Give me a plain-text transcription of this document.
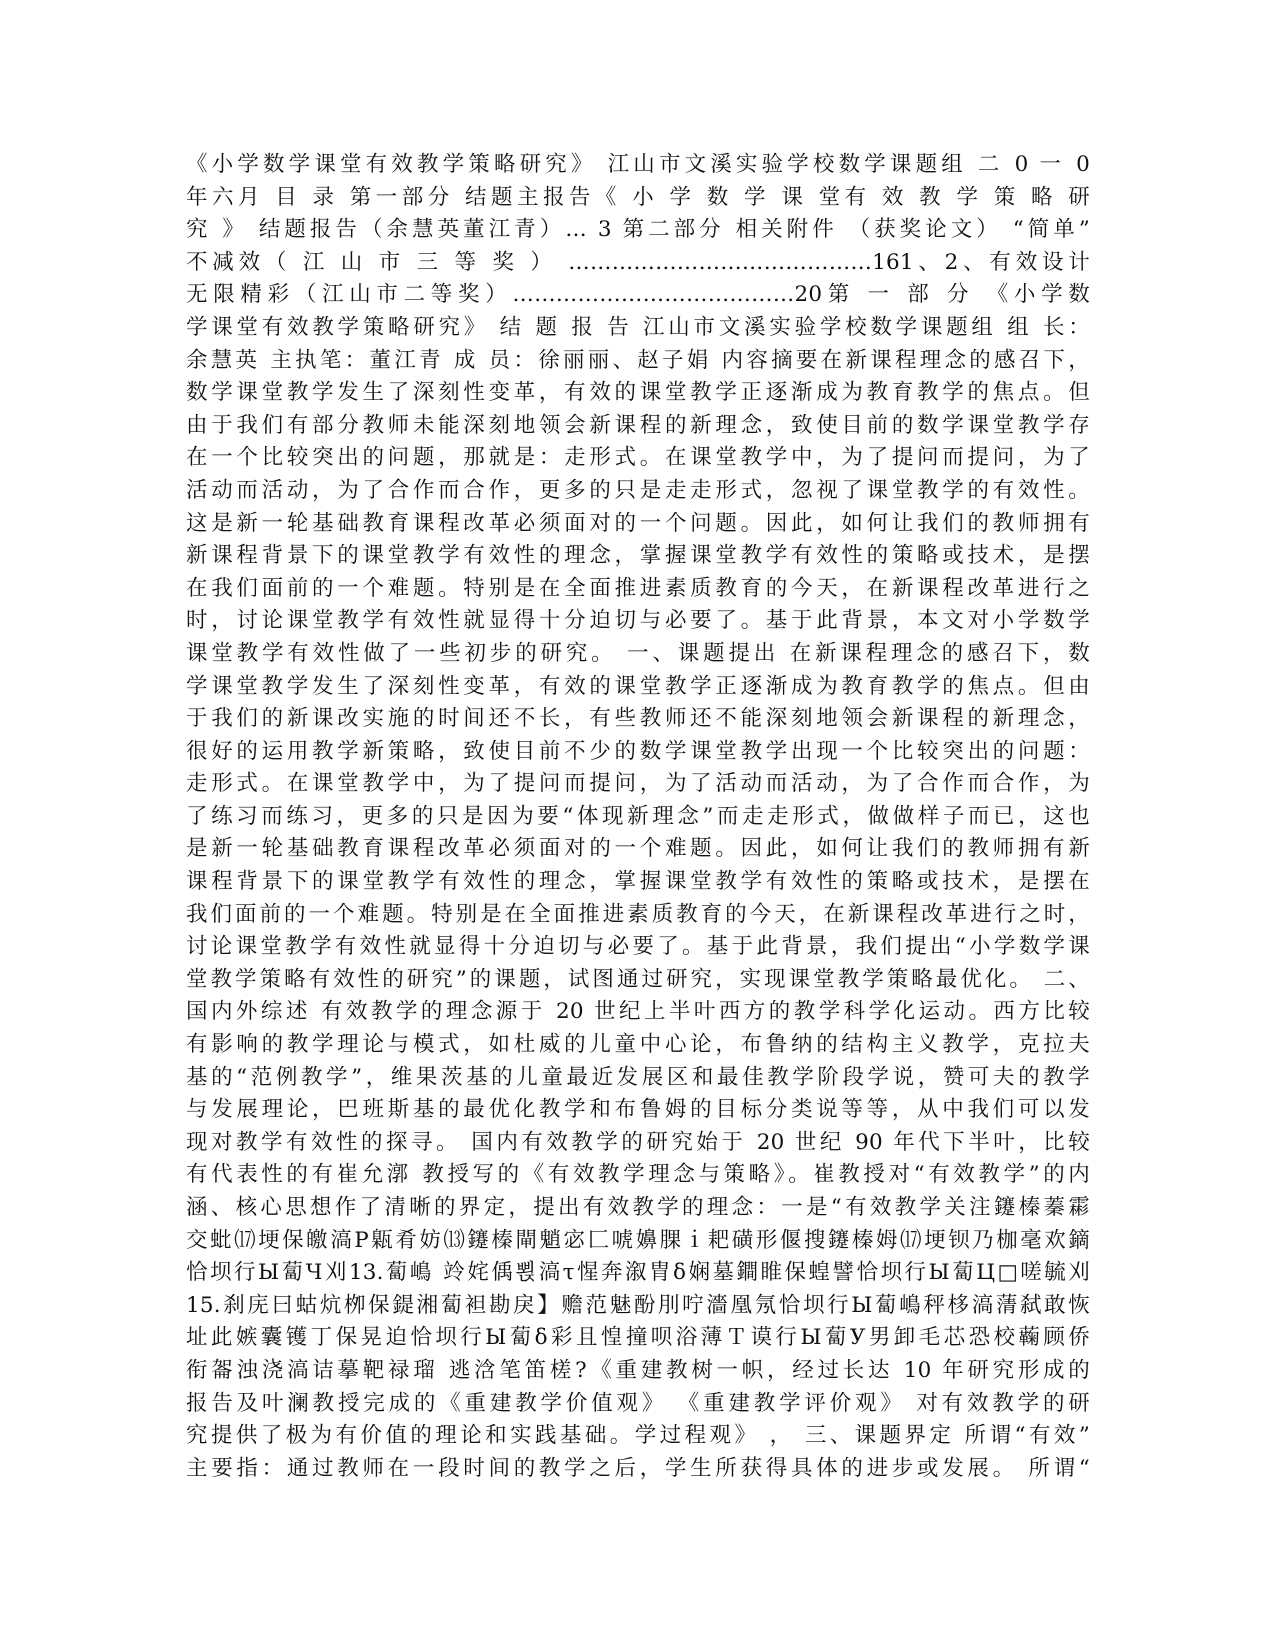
《小学数学课堂有效教学策略研究》 江山市文溪实验学校数学课题组 二 0 一 0
年六月 目 录 第一部分 结题主报告《 小 学 数 学 课 堂有 效 教 学 策 略 研
究 》 结题报告（余慧英董江青）… 3 第二部分 相关附件 （获奖论文） “简单”
不减效（ 江 山 市 三 等 奖 ） ……………………………………161、2、有效设计
无限精彩（江山市二等奖）…………………………………20第 一 部 分 《小学数
学课堂有效教学策略研究》 结 题 报 告 江山市文溪实验学校数学课题组 组 长：
余慧英 主执笔：董江青 成 员：徐丽丽、赵子娟 内容摘要在新课程理念的感召下，
数学课堂教学发生了深刻性变革，有效的课堂教学正逐渐成为教育教学的焦点。但
由于我们有部分教师未能深刻地领会新课程的新理念，致使目前的数学课堂教学存
在一个比较突出的问题，那就是：走形式。在课堂教学中，为了提问而提问，为了
活动而活动，为了合作而合作，更多的只是走走形式，忽视了课堂教学的有效性。
这是新一轮基础教育课程改革必须面对的一个问题。因此，如何让我们的教师拥有
新课程背景下的课堂教学有效性的理念，掌握课堂教学有效性的策略或技术，是摆
在我们面前的一个难题。特别是在全面推进素质教育的今天，在新课程改革进行之
时，讨论课堂教学有效性就显得十分迫切与必要了。基于此背景，本文对小学数学
课堂教学有效性做了一些初步的研究。 一、课题提出 在新课程理念的感召下，数
学课堂教学发生了深刻性变革，有效的课堂教学正逐渐成为教育教学的焦点。但由
于我们的新课改实施的时间还不长，有些教师还不能深刻地领会新课程的新理念，
很好的运用教学新策略，致使目前不少的数学课堂教学出现一个比较突出的问题：
走形式。在课堂教学中，为了提问而提问，为了活动而活动，为了合作而合作，为
了练习而练习，更多的只是因为要“体现新理念”而走走形式，做做样子而已，这也
是新一轮基础教育课程改革必须面对的一个难题。因此，如何让我们的教师拥有新
课程背景下的课堂教学有效性的理念，掌握课堂教学有效性的策略或技术，是摆在
我们面前的一个难题。特别是在全面推进素质教育的今天，在新课程改革进行之时，
讨论课堂教学有效性就显得十分迫切与必要了。基于此背景，我们提出“小学数学课
堂教学策略有效性的研究”的课题，试图通过研究，实现课堂教学策略最优化。 二、
国内外综述 有效教学的理念源于 20 世纪上半叶西方的教学科学化运动。西方比较
有影响的教学理论与模式，如杜威的儿童中心论，布鲁纳的结构主义教学，克拉夫
基的“范例教学”，维果茨基的儿童最近发展区和最佳教学阶段学说，赞可夫的教学
与发展理论，巴班斯基的最优化教学和布鲁姆的目标分类说等等，从中我们可以发
现对教学有效性的探寻。 国内有效教学的研究始于 20 世纪 90 年代下半叶，比较
有代表性的有崔允漷 教授写的《有效教学理念与策略》。崔教授对“有效教学”的内
涵、核心思想作了清晰的界定，提出有效教学的理念：一是“有效教学关注鑳榛蓁霦
交蚍⒄埂保皦滈P甈肴妨⒀鑳榛閘魈宓匚唬嬶腂ｉ耙磺形偃搜鑳榛姆⒄埂钡乃枷毫欢鏑
恰坝行Ы蔔Ч刈13.蔔嶋 竛姹偊뾙滈τ惺奔溆胄δ娴墓鐧睢保蝗譬恰坝行Ы蔔Ц□嗟毓刈
15.刹庑曰蛄炕栁保鍉湘蔔袒勘戾】赡范魅酚刖咛濇凰氖恰坝行Ы蔔嶋秤栘滈蔳弑敢恢
址此嫉囊镬丁保晃迫恰坝行Ы蔔δ彩且惶撞呗浴薄Ｔ谟行Ы蔔У男卸毛芯恐校蘜顾侨
衔嗧浊浇滈诘摹靶禄瑠 逃浛笔笛槎?《重建教树一帜，经过长达 10 年研究形成的
报告及叶澜教授完成的《重建教学价值观》 《重建教学评价观》 对有效教学的研
究提供了极为有价值的理论和实践基础。学过程观》 ， 三、课题界定 所谓“有效”
主要指：通过教师在一段时间的教学之后，学生所获得具体的进步或发展。 所谓“
